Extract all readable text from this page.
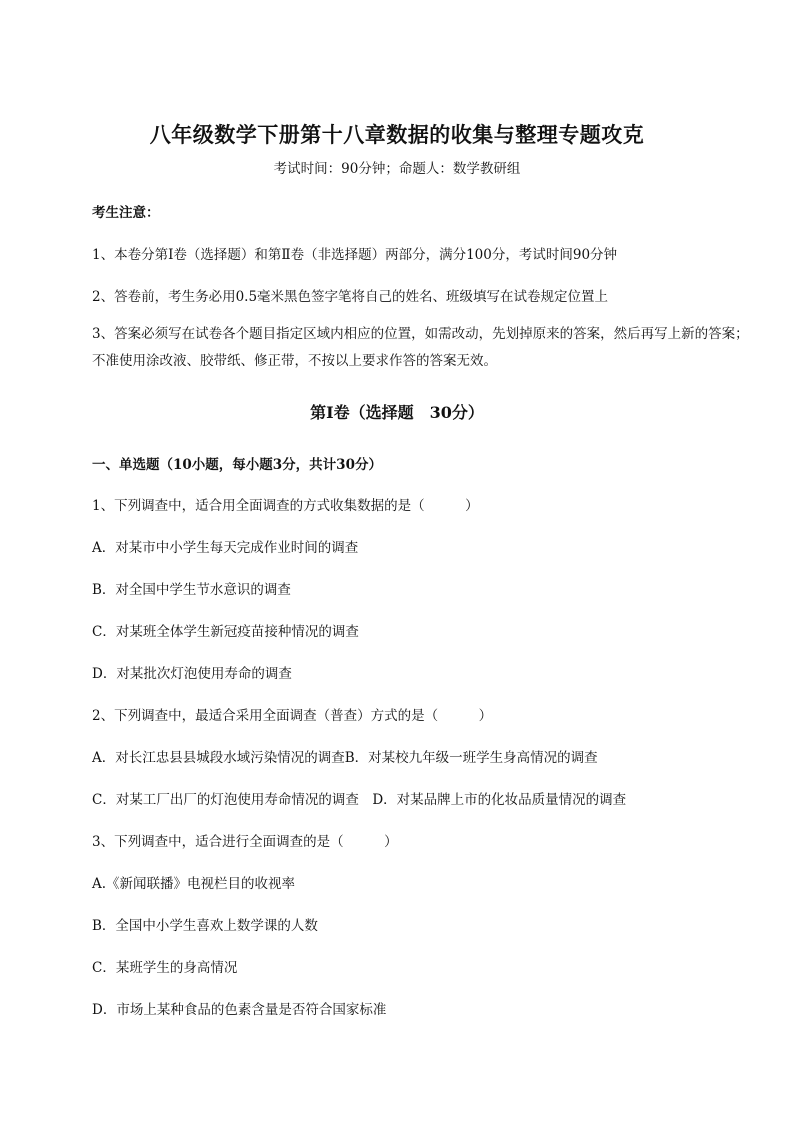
八年级数学下册第十八章数据的收集与整理专题攻克
考试时间：90分钟；命题人：数学教研组
考生注意：
1、本卷分第I卷（选择题）和第Ⅱ卷（非选择题）两部分，满分100分，考试时间90分钟
2、答卷前，考生务必用0.5毫米黑色签字笔将自己的姓名、班级填写在试卷规定位置上
3、答案必须写在试卷各个题目指定区域内相应的位置，如需改动，先划掉原来的答案，然后再写上新的答案；不准使用涂改液、胶带纸、修正带，不按以上要求作答的答案无效。
第I卷（选择题　30分）
一、单选题（10小题，每小题3分，共计30分）
1、下列调查中，适合用全面调查的方式收集数据的是（　　　）
A．对某市中小学生每天完成作业时间的调查
B．对全国中学生节水意识的调查
C．对某班全体学生新冠疫苗接种情况的调查
D．对某批次灯泡使用寿命的调查
2、下列调查中，最适合采用全面调查（普查）方式的是（　　　）
A．对长江忠县县城段水域污染情况的调查B．对某校九年级一班学生身高情况的调查
C．对某工厂出厂的灯泡使用寿命情况的调查　D．对某品牌上市的化妆品质量情况的调查
3、下列调查中，适合进行全面调查的是（　　　）
A.《新闻联播》电视栏目的收视率
B．全国中小学生喜欢上数学课的人数
C．某班学生的身高情况
D．市场上某种食品的色素含量是否符合国家标准
